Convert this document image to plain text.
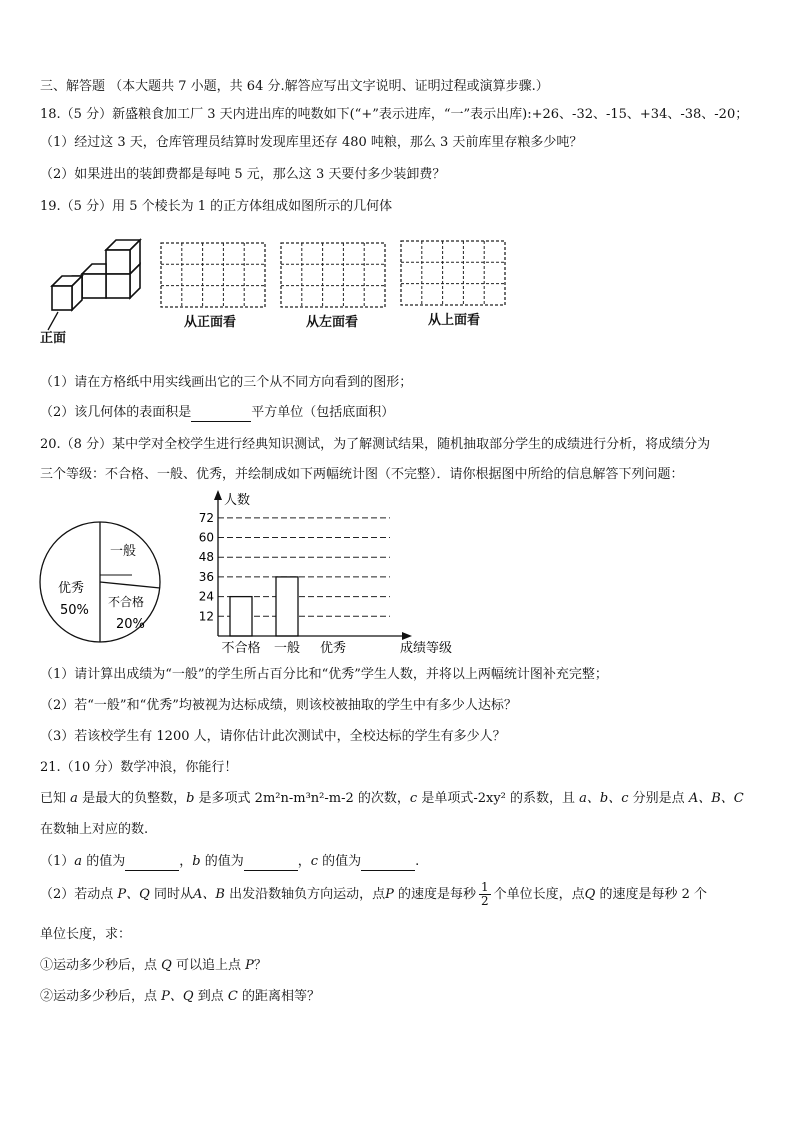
三、解答题 （本大题共 7 小题，共 64 分.解答应写出文字说明、证明过程或演算步骤.）
18.（5 分）新盛粮食加工厂 3 天内进出库的吨数如下(“+”表示进库，“一”表示出库):+26、-32、-15、+34、-38、-20；
（1）经过这 3 天，仓库管理员结算时发现库里还存 480 吨粮，那么 3 天前库里存粮多少吨？
（2）如果进出的装卸费都是每吨 5 元，那么这 3 天要付多少装卸费？
19.（5 分）用 5 个棱长为 1 的正方体组成如图所示的几何体
正面
从正面看	从左面看	从上面看
（1）请在方格纸中用实线画出它的三个从不同方向看到的图形；
（2）该几何体的表面积是	平方单位（包括底面积）
20.（8 分）某中学对全校学生进行经典知识测试，为了解测试结果，随机抽取部分学生的成绩进行分析，将成绩分为
三个等级：不合格、一般、优秀，并绘制成如下两幅统计图（不完整）．请你根据图中所给的信息解答下列问题：
一般
优秀
50%
不合格
20%
12
24
36
48
60
72
不合格 一般 优秀
人数
成绩等级
（1）请计算出成绩为“一般”的学生所占百分比和“优秀”学生人数，并将以上两幅统计图补充完整；
（2）若“一般”和“优秀”均被视为达标成绩，则该校被抽取的学生中有多少人达标？
（3）若该校学生有 1200 人，请你估计此次测试中，全校达标的学生有多少人？
21.（10 分）数学冲浪，你能行！
已知 a 是最大的负整数，b 是多项式 2m²n-m³n²-m-2 的次数，c 是单项式-2xy² 的系数，且 a、b、c 分别是点 A、B、C
在数轴上对应的数.
（1）a 的值为	，b 的值为	，c 的值为	.
（2）若动点 P、Q 同时从A、B 出发沿数轴负方向运动，点P 的速度是每秒 $\frac{1}{2}$ 个单位长度，点Q 的速度是每秒 2 个
单位长度，求：
①运动多少秒后，点 Q 可以追上点 P？
②运动多少秒后，点 P、Q 到点 C 的距离相等？
